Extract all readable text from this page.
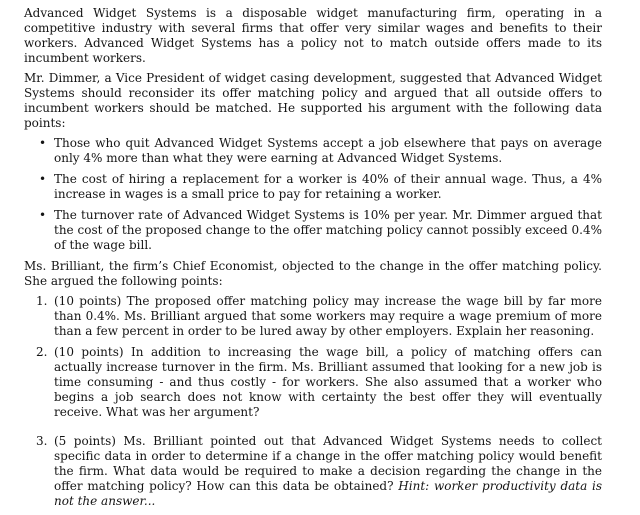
Advanced Widget Systems is a disposable widget manufacturing firm, operating in a competitive industry with several firms that offer very similar wages and benefits to their workers. Advanced Widget Systems has a policy not to match outside offers made to its incumbent workers.

Mr. Dimmer, a Vice President of widget casing development, suggested that Advanced Widget Systems should reconsider its offer matching policy and argued that all outside offers to incumbent workers should be matched. He supported his argument with the following data points:

• Those who quit Advanced Widget Systems accept a job elsewhere that pays on average only 4% more than what they were earning at Advanced Widget Systems.
• The cost of hiring a replacement for a worker is 40% of their annual wage. Thus, a 4% increase in wages is a small price to pay for retaining a worker.
• The turnover rate of Advanced Widget Systems is 10% per year. Mr. Dimmer argued that the cost of the proposed change to the offer matching policy cannot possibly exceed 0.4% of the wage bill.

Ms. Brilliant, the firm’s Chief Economist, objected to the change in the offer matching policy. She argued the following points:

1. (10 points) The proposed offer matching policy may increase the wage bill by far more than 0.4%. Ms. Brilliant argued that some workers may require a wage premium of more than a few percent in order to be lured away by other employers. Explain her reasoning.
2. (10 points) In addition to increasing the wage bill, a policy of matching offers can actually increase turnover in the firm. Ms. Brilliant assumed that looking for a new job is time consuming - and thus costly - for workers. She also assumed that a worker who begins a job search does not know with certainty the best offer they will eventually receive. What was her argument?
3. (5 points) Ms. Brilliant pointed out that Advanced Widget Systems needs to collect specific data in order to determine if a change in the offer matching policy would benefit the firm. What data would be required to make a decision regarding the change in the offer matching policy? How can this data be obtained? Hint: worker productivity data is not the answer...
